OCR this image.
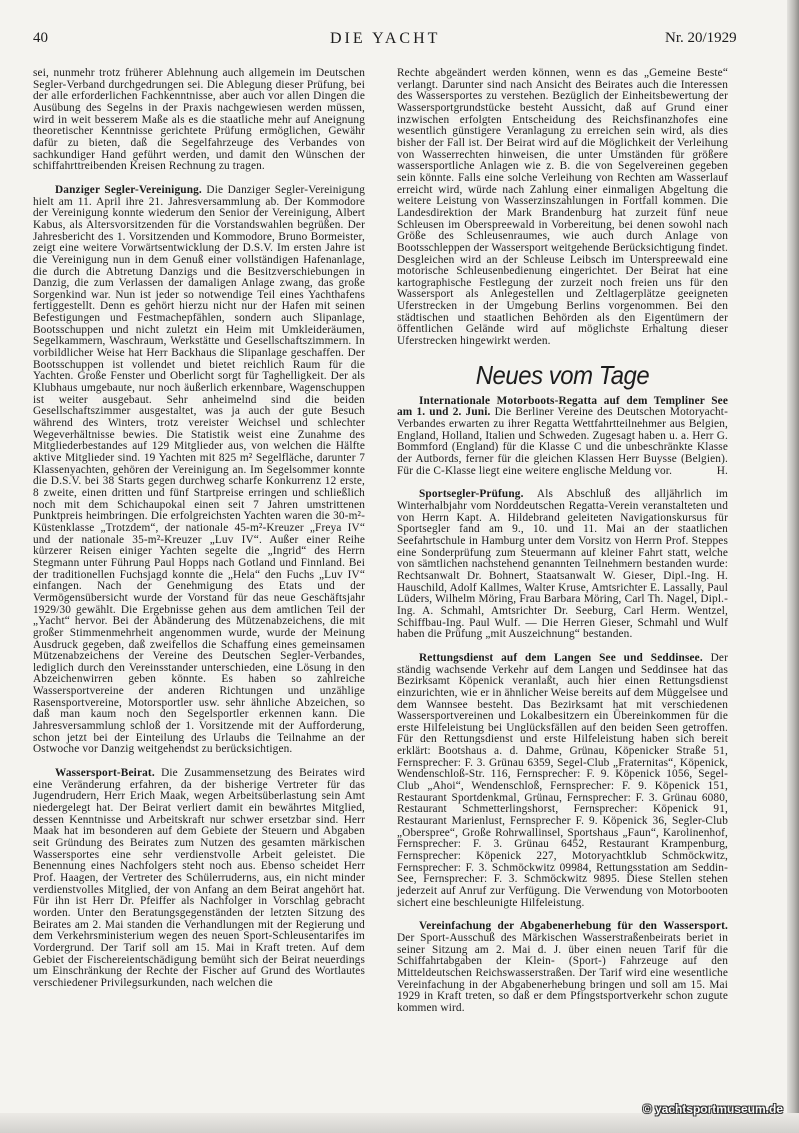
40	DIE YACHT	Nr. 20/1929

sei, nunmehr trotz früherer Ablehnung auch allgemein im Deutschen Segler-Verband durchgedrungen sei. Die Ablegung dieser Prüfung, bei der alle erforderlichen Fachkenntnisse, aber auch vor allen Dingen die Ausübung des Segelns in der Praxis nachgewiesen werden müssen, wird in weit besserem Maße als es die staatliche mehr auf Aneignung theoretischer Kenntnisse gerichtete Prüfung ermöglichen, Gewähr dafür zu bieten, daß die Segelfahrzeuge des Verbandes von sachkundiger Hand geführt werden, und damit den Wünschen der schiffahrttreibenden Kreisen Rechnung zu tragen.

Danziger Segler-Vereinigung. Die Danziger Segler-Vereinigung hielt am 11. April ihre 21. Jahresversammlung ab. Der Kommodore der Vereinigung konnte wiederum den Senior der Vereinigung, Albert Kabus, als Altersvorsitzenden für die Vorstandswahlen begrüßen. Der Jahresbericht des 1. Vorsitzenden und Kommodore, Bruno Bormeister, zeigt eine weitere Vorwärtsentwicklung der D.S.V. Im ersten Jahre ist die Vereinigung nun in dem Genuß einer vollständigen Hafenanlage, die durch die Abtretung Danzigs und die Besitzverschiebungen in Danzig, die zum Verlassen der damaligen Anlage zwang, das große Sorgenkind war. Nun ist jeder so notwendige Teil eines Yachthafens fertiggestellt. Denn es gehört hierzu nicht nur der Hafen mit seinen Befestigungen und Festmachepfählen, sondern auch Slipanlage, Bootsschuppen und nicht zuletzt ein Heim mit Umkleideräumen, Segelkammern, Waschraum, Werkstätte und Gesellschaftszimmern. In vorbildlicher Weise hat Herr Backhaus die Slipanlage geschaffen. Der Bootsschuppen ist vollendet und bietet reichlich Raum für die Yachten. Große Fenster und Oberlicht sorgt für Taghelligkeit. Der als Klubhaus umgebaute, nur noch äußerlich erkennbare, Wagenschuppen ist weiter ausgebaut. Sehr anheimelnd sind die beiden Gesellschaftszimmer ausgestaltet, was ja auch der gute Besuch während des Winters, trotz vereister Weichsel und schlechter Wegeverhältnisse bewies. Die Statistik weist eine Zunahme des Mitgliederbestandes auf 129 Mitglieder aus, von welchen die Hälfte aktive Mitglieder sind. 19 Yachten mit 825 m² Segelfläche, darunter 7 Klassenyachten, gehören der Vereinigung an. Im Segelsommer konnte die D.S.V. bei 38 Starts gegen durchweg scharfe Konkurrenz 12 erste, 8 zweite, einen dritten und fünf Startpreise erringen und schließlich noch mit dem Schichaupokal einen seit 7 Jahren umstrittenen Punktpreis heimbringen. Die erfolgreichsten Yachten waren die 30-m²-Küstenklasse „Trotzdem“, der nationale 45-m²-Kreuzer „Freya IV“ und der nationale 35-m²-Kreuzer „Luv IV“. Außer einer Reihe kürzerer Reisen einiger Yachten segelte die „Ingrid“ des Herrn Stegmann unter Führung Paul Hopps nach Gotland und Finnland. Bei der traditionellen Fuchsjagd konnte die „Hela“ den Fuchs „Luv IV“ einfangen. Nach der Genehmigung des Etats und der Vermögensübersicht wurde der Vorstand für das neue Geschäftsjahr 1929/30 gewählt. Die Ergebnisse gehen aus dem amtlichen Teil der „Yacht“ hervor. Bei der Abänderung des Mützenabzeichens, die mit großer Stimmenmehrheit angenommen wurde, wurde der Meinung Ausdruck gegeben, daß zweifellos die Schaffung eines gemeinsamen Mützenabzeichens der Vereine des Deutschen Segler-Verbandes, lediglich durch den Vereinsstander unterschieden, eine Lösung in den Abzeichenwirren geben könnte. Es haben so zahlreiche Wassersportvereine der anderen Richtungen und unzählige Rasensportvereine, Motorsportler usw. sehr ähnliche Abzeichen, so daß man kaum noch den Segelsportler erkennen kann. Die Jahresversammlung schloß der 1. Vorsitzende mit der Aufforderung, schon jetzt bei der Einteilung des Urlaubs die Teilnahme an der Ostwoche vor Danzig weitgehendst zu berücksichtigen.

Wassersport-Beirat. Die Zusammensetzung des Beirates wird eine Veränderung erfahren, da der bisherige Vertreter für das Jugendrudern, Herr Erich Maak, wegen Arbeitsüberlastung sein Amt niedergelegt hat. Der Beirat verliert damit ein bewährtes Mitglied, dessen Kenntnisse und Arbeitskraft nur schwer ersetzbar sind. Herr Maak hat im besonderen auf dem Gebiete der Steuern und Abgaben seit Gründung des Beirates zum Nutzen des gesamten märkischen Wassersportes eine sehr verdienstvolle Arbeit geleistet. Die Benennung eines Nachfolgers steht noch aus. Ebenso scheidet Herr Prof. Haagen, der Vertreter des Schülerruderns, aus, ein nicht minder verdienstvolles Mitglied, der von Anfang an dem Beirat angehört hat. Für ihn ist Herr Dr. Pfeiffer als Nachfolger in Vorschlag gebracht worden. Unter den Beratungsgegenständen der letzten Sitzung des Beirates am 2. Mai standen die Verhandlungen mit der Regierung und dem Verkehrsministerium wegen des neuen Sport-Schleusentarifes im Vordergrund. Der Tarif soll am 15. Mai in Kraft treten. Auf dem Gebiet der Fischereientschädigung bemüht sich der Beirat neuerdings um Einschränkung der Rechte der Fischer auf Grund des Wortlautes verschiedener Privilegsurkunden, nach welchen die

Rechte abgeändert werden können, wenn es das „Gemeine Beste“ verlangt. Darunter sind nach Ansicht des Beirates auch die Interessen des Wassersportes zu verstehen. Bezüglich der Einheitsbewertung der Wassersportgrundstücke besteht Aussicht, daß auf Grund einer inzwischen erfolgten Entscheidung des Reichsfinanzhofes eine wesentlich günstigere Veranlagung zu erreichen sein wird, als dies bisher der Fall ist. Der Beirat wird auf die Möglichkeit der Verleihung von Wasserrechten hinweisen, die unter Umständen für größere wassersportliche Anlagen wie z. B. die von Segelvereinen gegeben sein könnte. Falls eine solche Verleihung von Rechten am Wasserlauf erreicht wird, würde nach Zahlung einer einmaligen Abgeltung die weitere Leistung von Wasserzinszahlungen in Fortfall kommen. Die Landesdirektion der Mark Brandenburg hat zurzeit fünf neue Schleusen im Oberspreewald in Vorbereitung, bei denen sowohl nach Größe des Schleusenraumes, wie auch durch Anlage von Bootsschleppen der Wassersport weitgehende Berücksichtigung findet. Desgleichen wird an der Schleuse Leibsch im Unterspreewald eine motorische Schleusenbedienung eingerichtet. Der Beirat hat eine kartographische Festlegung der zurzeit noch freien uns für den Wassersport als Anlegestellen und Zeltlagerplätze geeigneten Uferstrecken in der Umgebung Berlins vorgenommen. Bei den städtischen und staatlichen Behörden als den Eigentümern der öffentlichen Gelände wird auf möglichste Erhaltung dieser Uferstrecken hingewirkt werden.

Neues vom Tage

Internationale Motorboots-Regatta auf dem Templiner See am 1. und 2. Juni. Die Berliner Vereine des Deutschen Motoryacht-Verbandes erwarten zu ihrer Regatta Wettfahrtteilnehmer aus Belgien, England, Holland, Italien und Schweden. Zugesagt haben u. a. Herr G. Bommford (England) für die Klasse C und die unbeschränkte Klasse der Autbords, ferner für die gleichen Klassen Herr Buysse (Belgien). Für die C-Klasse liegt eine weitere englische Meldung vor.	H.

Sportsegler-Prüfung. Als Abschluß des alljährlich im Winterhalbjahr vom Norddeutschen Regatta-Verein veranstalteten und von Herrn Kapt. A. Hildebrand geleiteten Navigationskursus für Sportsegler fand am 9., 10. und 11. Mai an der staatlichen Seefahrtschule in Hamburg unter dem Vorsitz von Herrn Prof. Steppes eine Sonderprüfung zum Steuermann auf kleiner Fahrt statt, welche von sämtlichen nachstehend genannten Teilnehmern bestanden wurde: Rechtsanwalt Dr. Bohnert, Staatsanwalt W. Gieser, Dipl.-Ing. H. Hauschild, Adolf Kallmes, Walter Kruse, Amtsrichter E. Lassally, Paul Lüders, Wilhelm Möring, Frau Barbara Möring, Carl Th. Nagel, Dipl.-Ing. A. Schmahl, Amtsrichter Dr. Seeburg, Carl Herm. Wentzel, Schiffbau-Ing. Paul Wulf. — Die Herren Gieser, Schmahl und Wulf haben die Prüfung „mit Auszeichnung“ bestanden.

Rettungsdienst auf dem Langen See und Seddinsee. Der ständig wachsende Verkehr auf dem Langen und Seddinsee hat das Bezirksamt Köpenick veranlaßt, auch hier einen Rettungsdienst einzurichten, wie er in ähnlicher Weise bereits auf dem Müggelsee und dem Wannsee besteht. Das Bezirksamt hat mit verschiedenen Wassersportvereinen und Lokalbesitzern ein Übereinkommen für die erste Hilfeleistung bei Unglücksfällen auf den beiden Seen getroffen. Für den Rettungsdienst und erste Hilfeleistung haben sich bereit erklärt: Bootshaus a. d. Dahme, Grünau, Köpenicker Straße 51, Fernsprecher: F. 3. Grünau 6359, Segel-Club „Fraternitas“, Köpenick, Wendenschloß-Str. 116, Fernsprecher: F. 9. Köpenick 1056, Segel-Club „Ahoi“, Wendenschloß, Fernsprecher: F. 9. Köpenick 151, Restaurant Sportdenkmal, Grünau, Fernsprecher: F. 3. Grünau 6080, Restaurant Schmetterlingshorst, Fernsprecher: Köpenick 91, Restaurant Marienlust, Fernsprecher F. 9. Köpenick 36, Segler-Club „Oberspree“, Große Rohrwallinsel, Sportshaus „Faun“, Karolinenhof, Fernsprecher: F. 3. Grünau 6452, Restaurant Krampenburg, Fernsprecher: Köpenick 227, Motoryachtklub Schmöckwitz, Fernsprecher: F. 3. Schmöckwitz 09984, Rettungsstation am Seddin-See, Fernsprecher: F. 3. Schmöckwitz 9895. Diese Stellen stehen jederzeit auf Anruf zur Verfügung. Die Verwendung von Motorbooten sichert eine beschleunigte Hilfeleistung.

Vereinfachung der Abgabenerhebung für den Wassersport. Der Sport-Ausschuß des Märkischen Wasserstraßenbeirats beriet in seiner Sitzung am 2. Mai d. J. über einen neuen Tarif für die Schiffahrtabgaben der Klein- (Sport-) Fahrzeuge auf den Mitteldeutschen Reichswasserstraßen. Der Tarif wird eine wesentliche Vereinfachung in der Abgabenerhebung bringen und soll am 15. Mai 1929 in Kraft treten, so daß er dem Pfingstsportverkehr schon zugute kommen wird.

© yachtsportmuseum.de
